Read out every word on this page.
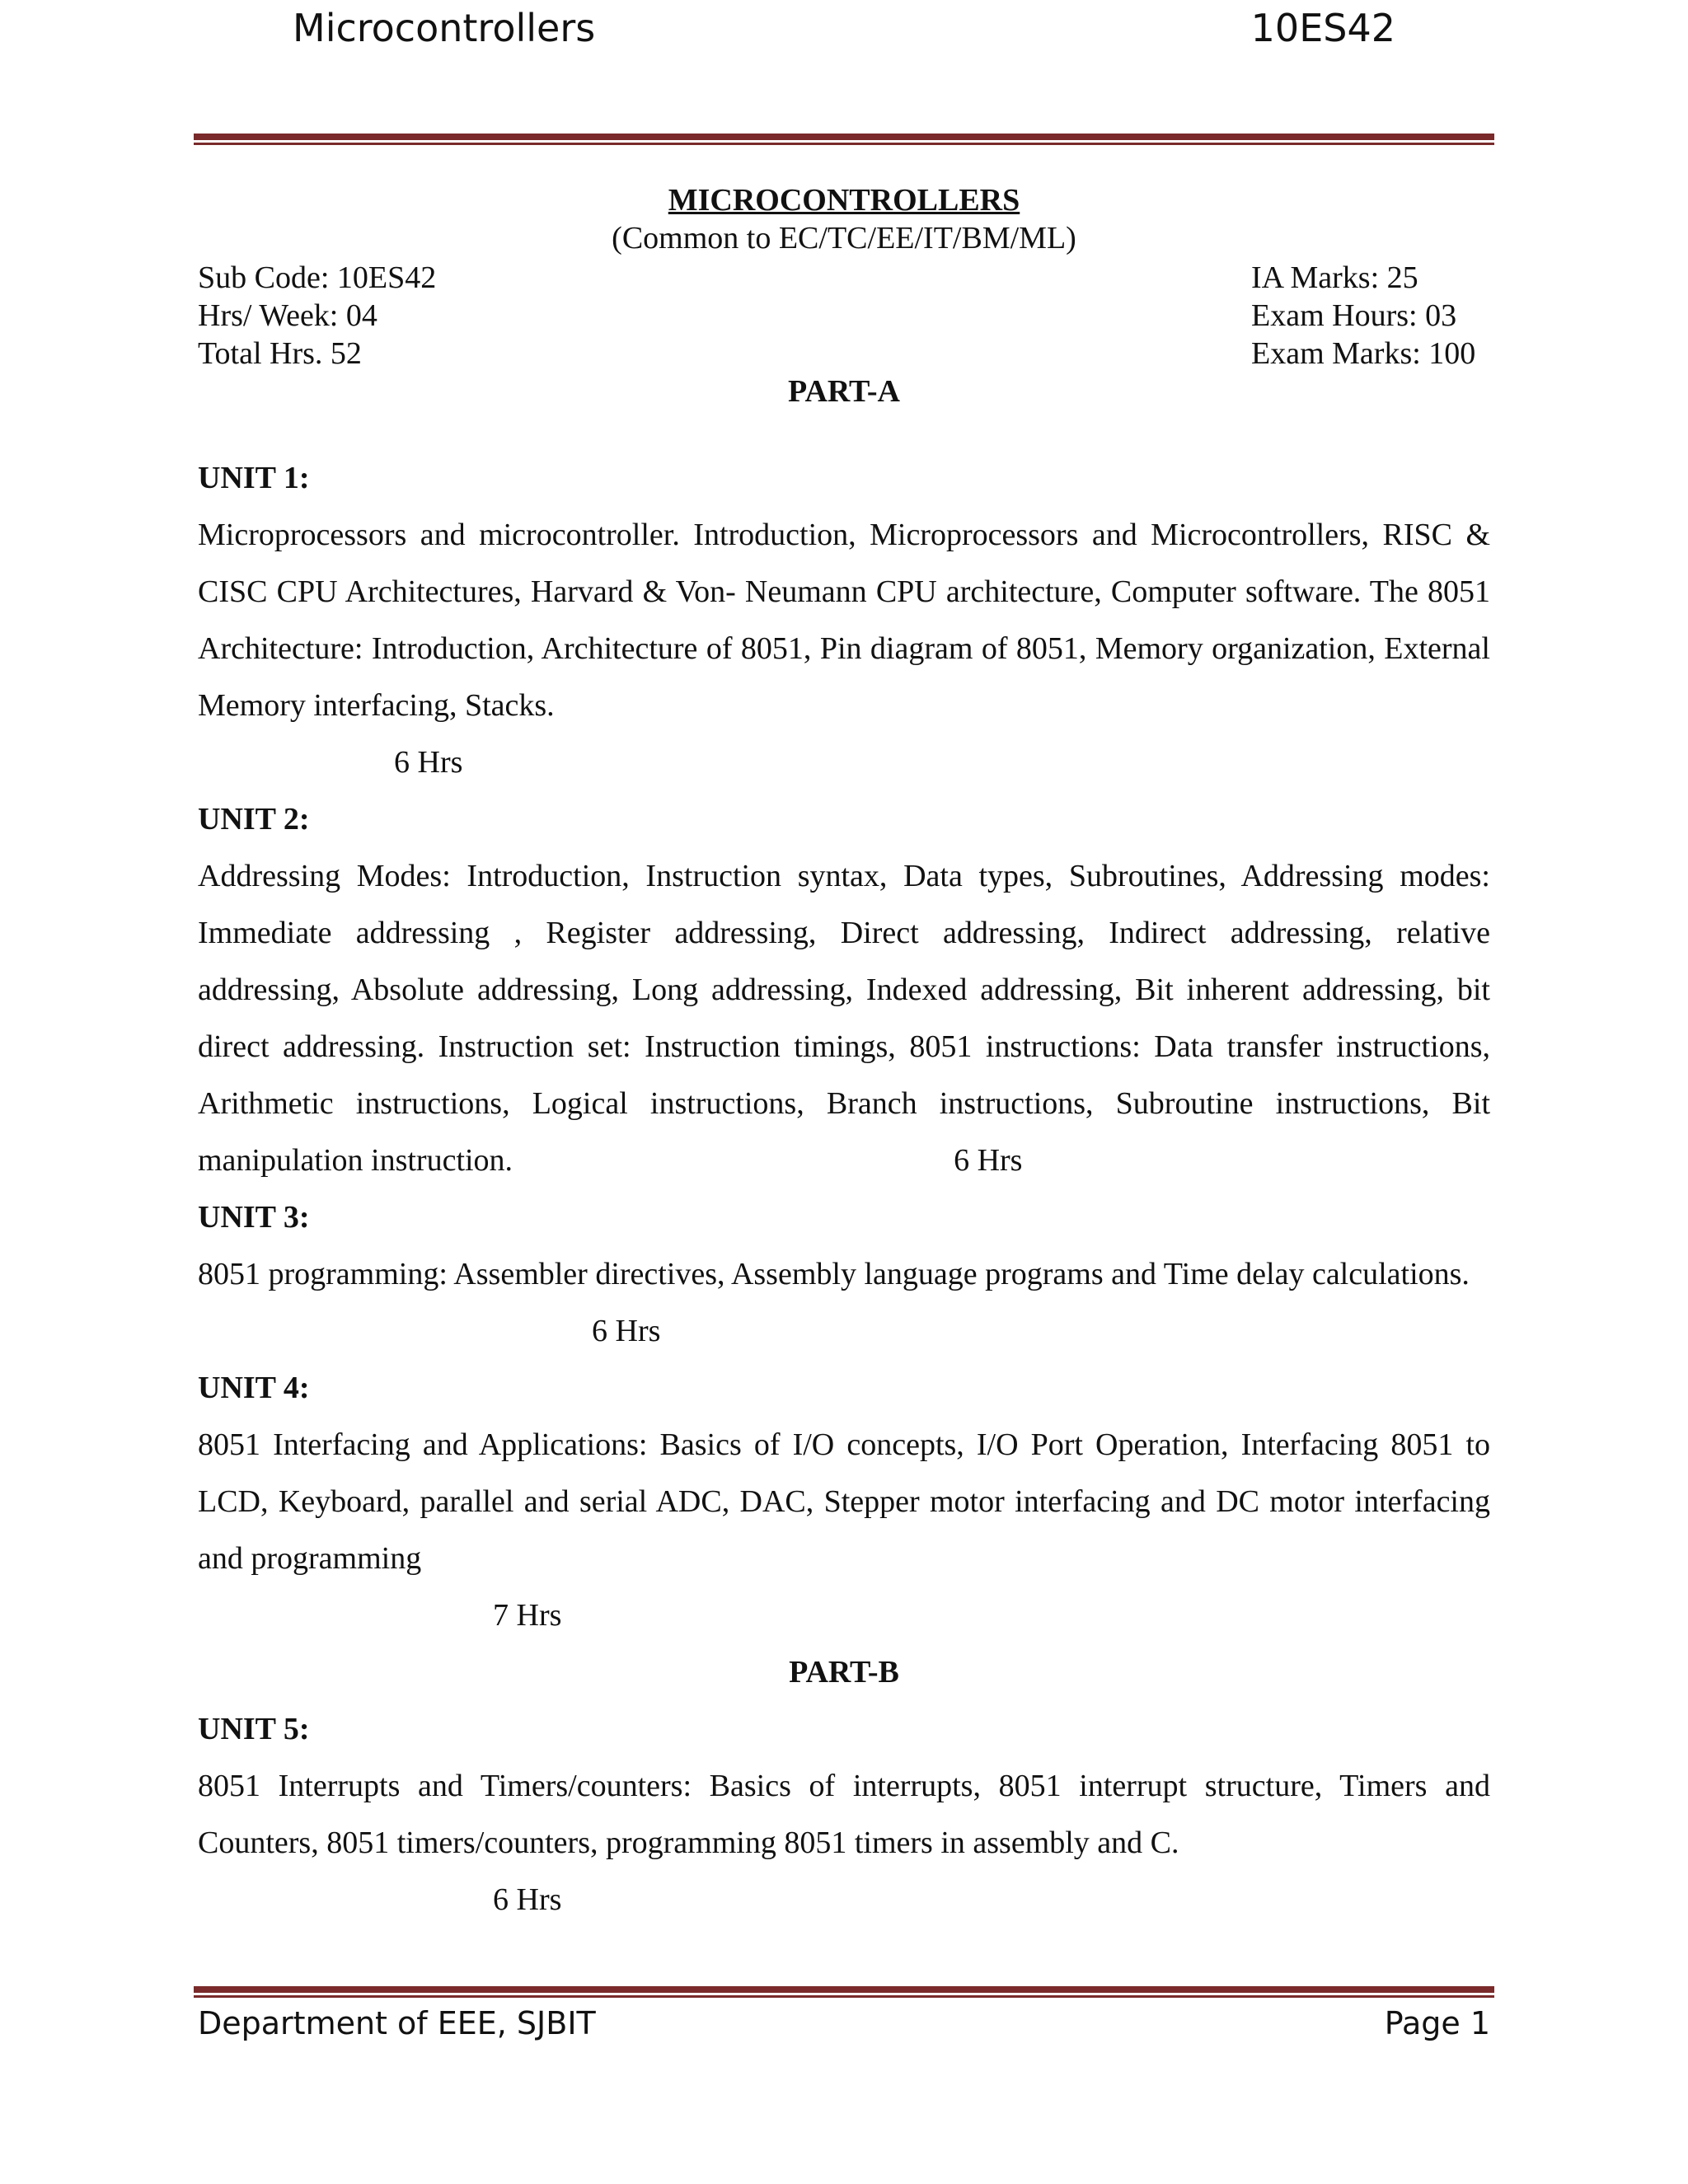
Microcontrollers	10ES42

MICROCONTROLLERS

(Common to EC/TC/EE/IT/BM/ML)

Sub Code: 10ES42
Hrs/ Week: 04
Total Hrs. 52
IA Marks: 25
Exam Hours: 03
Exam Marks: 100

PART-A

UNIT 1:

Microprocessors and microcontroller. Introduction, Microprocessors and Microcontrollers, RISC & CISC CPU Architectures, Harvard & Von- Neumann CPU architecture, Computer software. The 8051 Architecture: Introduction, Architecture of 8051, Pin diagram of 8051, Memory organization, External Memory interfacing, Stacks.

6 Hrs

UNIT 2:

Addressing Modes: Introduction, Instruction syntax, Data types, Subroutines, Addressing modes: Immediate addressing , Register addressing, Direct addressing, Indirect addressing, relative addressing, Absolute addressing, Long addressing, Indexed addressing, Bit inherent addressing, bit direct addressing. Instruction set: Instruction timings, 8051 instructions: Data transfer instructions, Arithmetic instructions, Logical instructions, Branch instructions, Subroutine instructions, Bit manipulation instruction.	6 Hrs

UNIT 3:

8051 programming: Assembler directives, Assembly language programs and Time delay calculations.

6 Hrs

UNIT 4:

8051 Interfacing and Applications: Basics of I/O concepts, I/O Port Operation, Interfacing 8051 to LCD, Keyboard, parallel and serial ADC, DAC, Stepper motor interfacing and DC motor interfacing and programming

7 Hrs

PART-B

UNIT 5:

8051 Interrupts and Timers/counters: Basics of interrupts, 8051 interrupt structure, Timers and Counters, 8051 timers/counters, programming 8051 timers in assembly and C.

6 Hrs

Department of EEE, SJBIT	Page 1
